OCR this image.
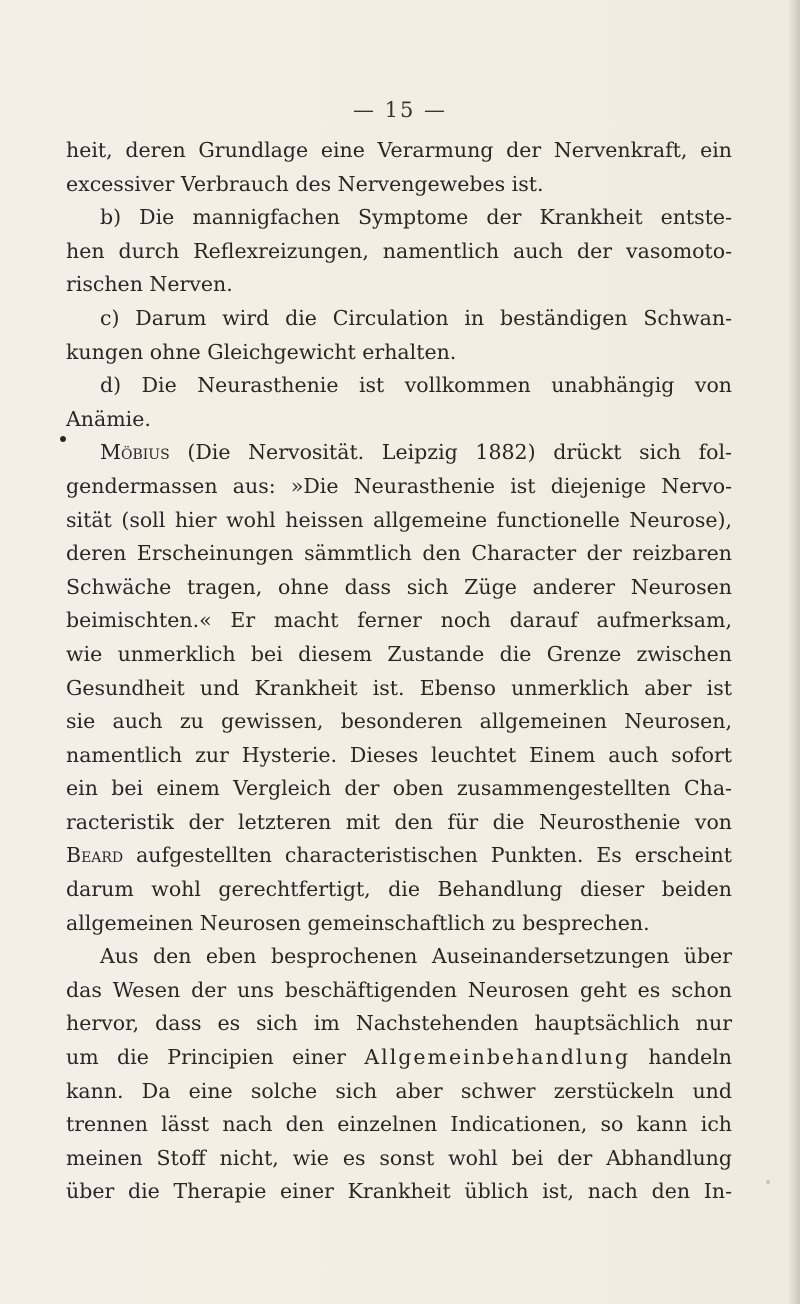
— 15 —
heit, deren Grundlage eine Verarmung der Nervenkraft, ein
excessiver Verbrauch des Nervengewebes ist.
b) Die mannigfachen Symptome der Krankheit entste-
hen durch Reflexreizungen, namentlich auch der vasomoto-
rischen Nerven.
c) Darum wird die Circulation in beständigen Schwan-
kungen ohne Gleichgewicht erhalten.
d) Die Neurasthenie ist vollkommen unabhängig von
Anämie.
Möbius (Die Nervosität. Leipzig 1882) drückt sich fol-
gendermassen aus: »Die Neurasthenie ist diejenige Nervo-
sität (soll hier wohl heissen allgemeine functionelle Neurose),
deren Erscheinungen sämmtlich den Character der reizbaren
Schwäche tragen, ohne dass sich Züge anderer Neurosen
beimischten.« Er macht ferner noch darauf aufmerksam,
wie unmerklich bei diesem Zustande die Grenze zwischen
Gesundheit und Krankheit ist. Ebenso unmerklich aber ist
sie auch zu gewissen, besonderen allgemeinen Neurosen,
namentlich zur Hysterie. Dieses leuchtet Einem auch sofort
ein bei einem Vergleich der oben zusammengestellten Cha-
racteristik der letzteren mit den für die Neurosthenie von
Beard aufgestellten characteristischen Punkten. Es erscheint
darum wohl gerechtfertigt, die Behandlung dieser beiden
allgemeinen Neurosen gemeinschaftlich zu besprechen.
Aus den eben besprochenen Auseinandersetzungen über
das Wesen der uns beschäftigenden Neurosen geht es schon
hervor, dass es sich im Nachstehenden hauptsächlich nur
um die Principien einer Allgemeinbehandlung handeln
kann. Da eine solche sich aber schwer zerstückeln und
trennen lässt nach den einzelnen Indicationen, so kann ich
meinen Stoff nicht, wie es sonst wohl bei der Abhandlung
über die Therapie einer Krankheit üblich ist, nach den In-
